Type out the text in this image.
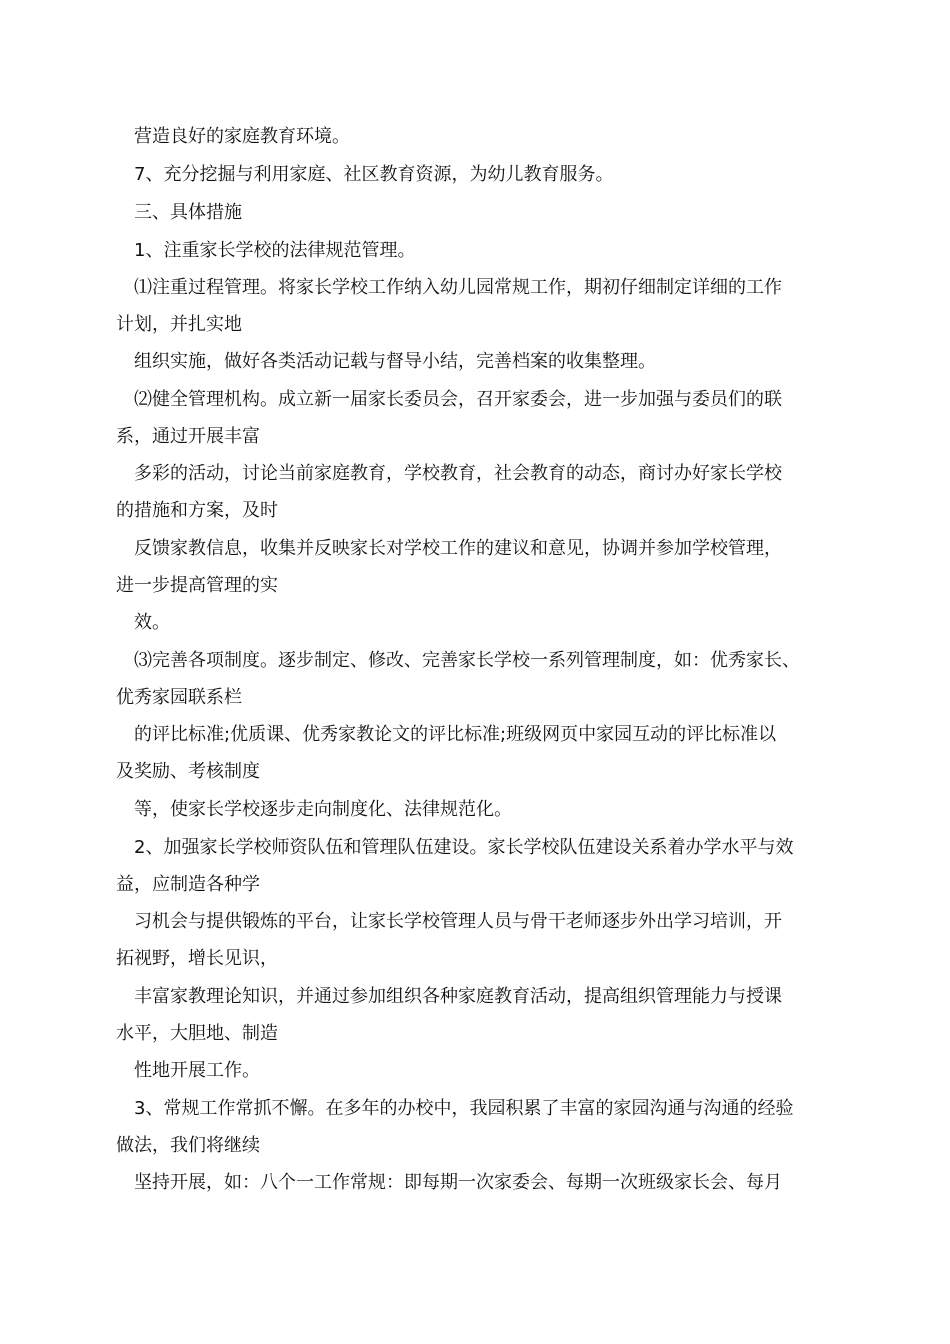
营造良好的家庭教育环境。
7、充分挖掘与利用家庭、社区教育资源，为幼儿教育服务。
三、具体措施
1、注重家长学校的法律规范管理。
⑴注重过程管理。将家长学校工作纳入幼儿园常规工作，期初仔细制定详细的工作
计划，并扎实地
组织实施，做好各类活动记载与督导小结，完善档案的收集整理。
⑵健全管理机构。成立新一届家长委员会，召开家委会，进一步加强与委员们的联
系，通过开展丰富
多彩的活动，讨论当前家庭教育，学校教育，社会教育的动态，商讨办好家长学校
的措施和方案，及时
反馈家教信息，收集并反映家长对学校工作的建议和意见，协调并参加学校管理，
进一步提高管理的实
效。
⑶完善各项制度。逐步制定、修改、完善家长学校一系列管理制度，如：优秀家长、
优秀家园联系栏
的评比标准;优质课、优秀家教论文的评比标准;班级网页中家园互动的评比标准以
及奖励、考核制度
等，使家长学校逐步走向制度化、法律规范化。
2、加强家长学校师资队伍和管理队伍建设。家长学校队伍建设关系着办学水平与效
益，应制造各种学
习机会与提供锻炼的平台，让家长学校管理人员与骨干老师逐步外出学习培训，开
拓视野，增长见识，
丰富家教理论知识，并通过参加组织各种家庭教育活动，提高组织管理能力与授课
水平，大胆地、制造
性地开展工作。
3、常规工作常抓不懈。在多年的办校中，我园积累了丰富的家园沟通与沟通的经验
做法，我们将继续
坚持开展，如：八个一工作常规：即每期一次家委会、每期一次班级家长会、每月
